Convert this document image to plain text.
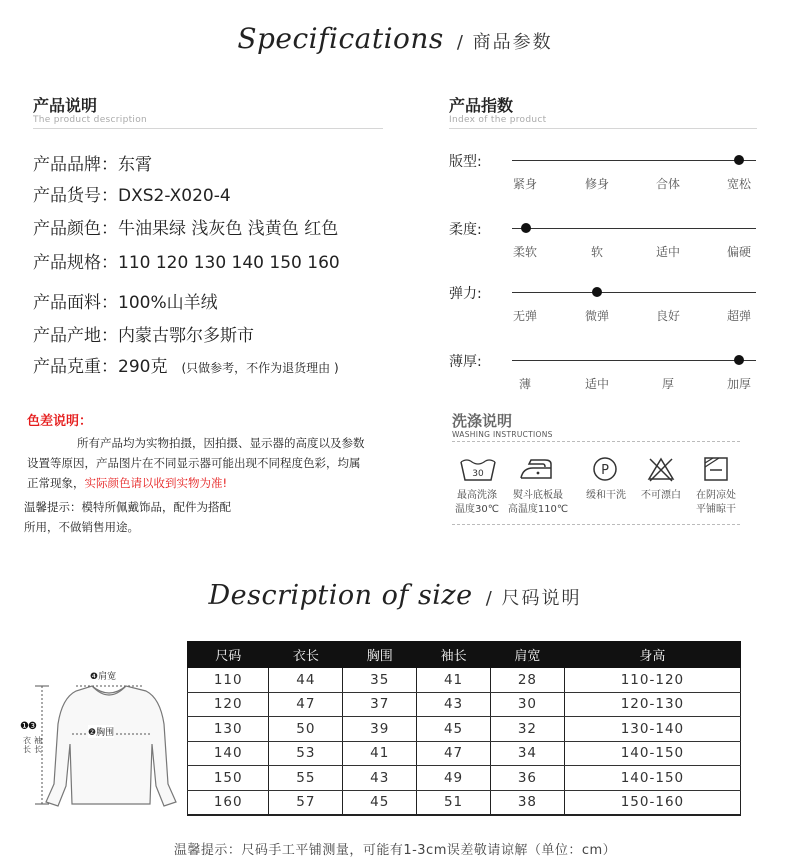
Specifications / 商品参数
产品说明
The product description
产品品牌：东霄
产品货号：DXS2-X020-4
产品颜色：牛油果绿 浅灰色 浅黄色 红色
产品规格：110 120 130 140 150 160
产品面料：100%山羊绒
产品产地：内蒙古鄂尔多斯市
产品克重：290克 (只做参考，不作为退货理由 )
产品指数
Index of the product
版型:
紧身	修身	合体	宽松
柔度:
柔软	软	适中	偏硬
弹力:
无弹	微弹	良好	超弹
薄厚:
薄	适中	厚	加厚
色差说明：
所有产品均为实物拍摄，因拍摄、显示器的高度以及参数
设置等原因，产品图片在不同显示器可能出现不同程度色彩，均属
正常现象，实际颜色请以收到实物为准!
温馨提示：模特所佩戴饰品，配件为搭配
所用，不做销售用途。
洗涤说明
WASHING INSTRUCTIONS
30	P
最高洗涤
温度30℃
熨斗底板最
高温度110℃
缓和干洗	不可漂白	在阴凉处
平铺晾干
Description of size / 尺码说明
❹肩宽
❷胸围
❶❸
衣长
袖长
尺码	衣长	胸围	袖长	肩宽	身高
110	44	35	41	28	110-120
120	47	37	43	30	120-130
130	50	39	45	32	130-140
140	53	41	47	34	140-150
150	55	43	49	36	140-150
160	57	45	51	38	150-160
温馨提示：尺码手工平铺测量，可能有1-3cm误差敬请谅解（单位：cm）
